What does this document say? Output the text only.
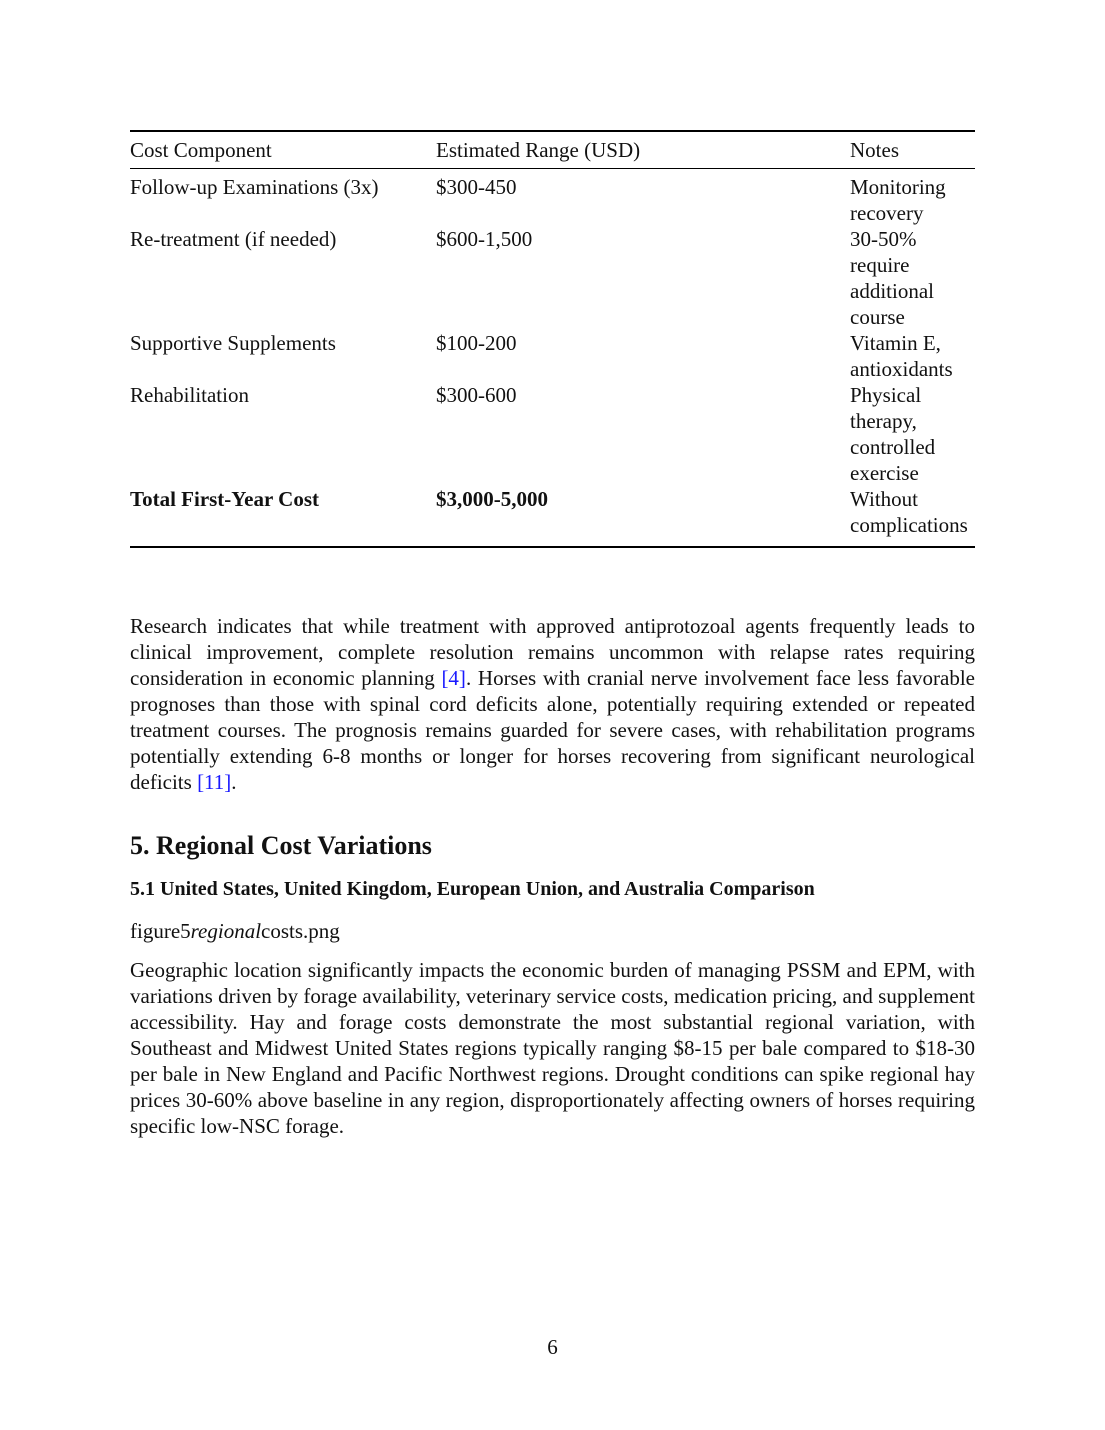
Cost Component	Estimated Range (USD)	Notes
Follow-up Examinations (3x)	$300-450	Monitoring recovery
Re-treatment (if needed)	$600-1,500	30-50% require additional course
Supportive Supplements	$100-200	Vitamin E, antioxidants
Rehabilitation	$300-600	Physical therapy, controlled exercise
Total First-Year Cost	$3,000-5,000	Without complications

Research indicates that while treatment with approved antiprotozoal agents frequently leads to clinical improvement, complete resolution remains uncommon with relapse rates requiring consideration in economic planning [4]. Horses with cranial nerve involvement face less favorable prognoses than those with spinal cord deficits alone, potentially requiring extended or repeated treatment courses. The prognosis remains guarded for severe cases, with rehabilitation programs potentially extending 6-8 months or longer for horses recovering from significant neurological deficits [11].

5. Regional Cost Variations
5.1 United States, United Kingdom, European Union, and Australia Comparison

figure5regionalcosts.png

Geographic location significantly impacts the economic burden of managing PSSM and EPM, with variations driven by forage availability, veterinary service costs, medication pricing, and supplement accessibility. Hay and forage costs demonstrate the most substantial regional variation, with Southeast and Midwest United States regions typically ranging $8-15 per bale compared to $18-30 per bale in New England and Pacific Northwest regions. Drought conditions can spike regional hay prices 30-60% above baseline in any region, disproportionately affecting owners of horses requiring specific low-NSC forage.

6
